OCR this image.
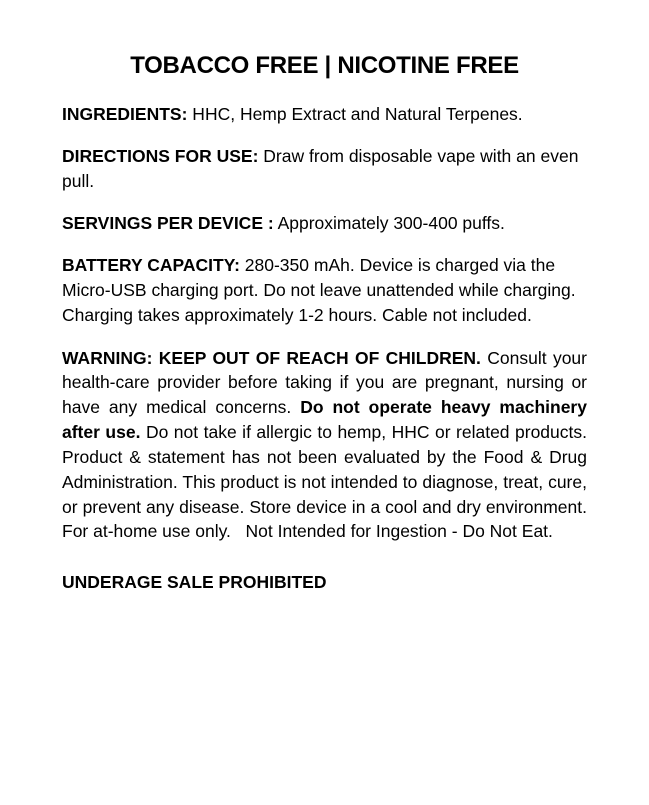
TOBACCO FREE | NICOTINE FREE

INGREDIENTS: HHC, Hemp Extract and Natural Terpenes.

DIRECTIONS FOR USE: Draw from disposable vape with an even pull.

SERVINGS PER DEVICE : Approximately 300-400 puffs.

BATTERY CAPACITY: 280-350 mAh. Device is charged via the Micro-USB charging port. Do not leave unattended while charging. Charging takes approximately 1-2 hours. Cable not included.

WARNING: KEEP OUT OF REACH OF CHILDREN. Consult your health-care provider before taking if you are pregnant, nursing or have any medical concerns. Do not operate heavy machinery after use. Do not take if allergic to hemp, HHC or related products. Product & statement has not been evaluated by the Food & Drug Administration. This product is not intended to diagnose, treat, cure, or prevent any disease. Store device in a cool and dry environment. For at-home use only.   Not Intended for Ingestion - Do Not Eat.

UNDERAGE SALE PROHIBITED
